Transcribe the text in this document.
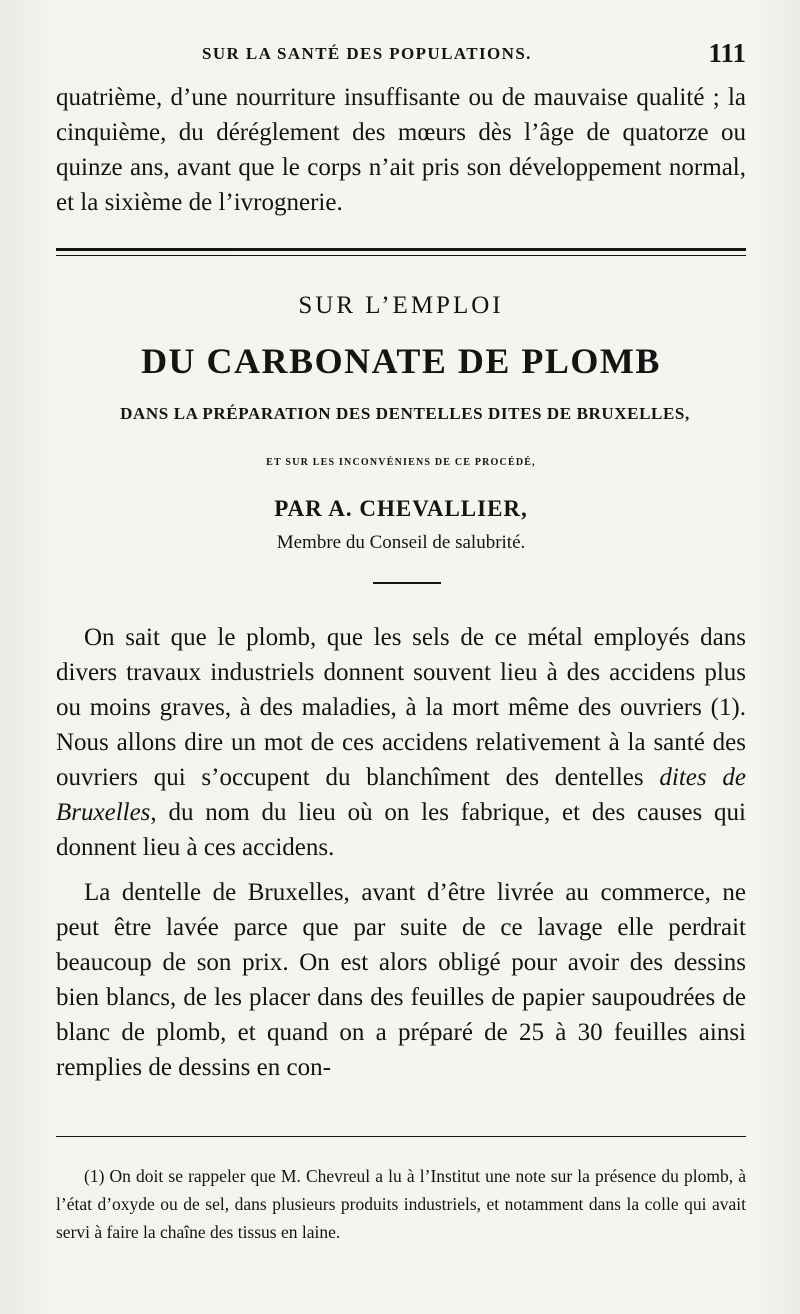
SUR LA SANTÉ DES POPULATIONS.	111
quatrième, d’une nourriture insuffisante ou de mauvaise qualité ; la cinquième, du déréglement des mœurs dès l’âge de quatorze ou quinze ans, avant que le corps n’ait pris son développement normal, et la sixième de l’ivrognerie.
SUR L’EMPLOI
DU CARBONATE DE PLOMB
DANS LA PRÉPARATION DES DENTELLES DITES DE BRUXELLES,
ET SUR LES INCONVÉNIENS DE CE PROCÉDÉ,
PAR A. CHEVALLIER,
Membre du Conseil de salubrité.

On sait que le plomb, que les sels de ce métal employés dans divers travaux industriels donnent souvent lieu à des accidens plus ou moins graves, à des maladies, à la mort même des ouvriers (1). Nous allons dire un mot de ces accidens relativement à la santé des ouvriers qui s’occupent du blanchîment des dentelles dites de Bruxelles, du nom du lieu où on les fabrique, et des causes qui donnent lieu à ces accidens.

La dentelle de Bruxelles, avant d’être livrée au commerce, ne peut être lavée parce que par suite de ce lavage elle perdrait beaucoup de son prix. On est alors obligé pour avoir des dessins bien blancs, de les placer dans des feuilles de papier saupoudrées de blanc de plomb, et quand on a préparé de 25 à 30 feuilles ainsi remplies de dessins en con-

(1) On doit se rappeler que M. Chevreul a lu à l’Institut une note sur la présence du plomb, à l’état d’oxyde ou de sel, dans plusieurs produits industriels, et notamment dans la colle qui avait servi à faire la chaîne des tissus en laine.
